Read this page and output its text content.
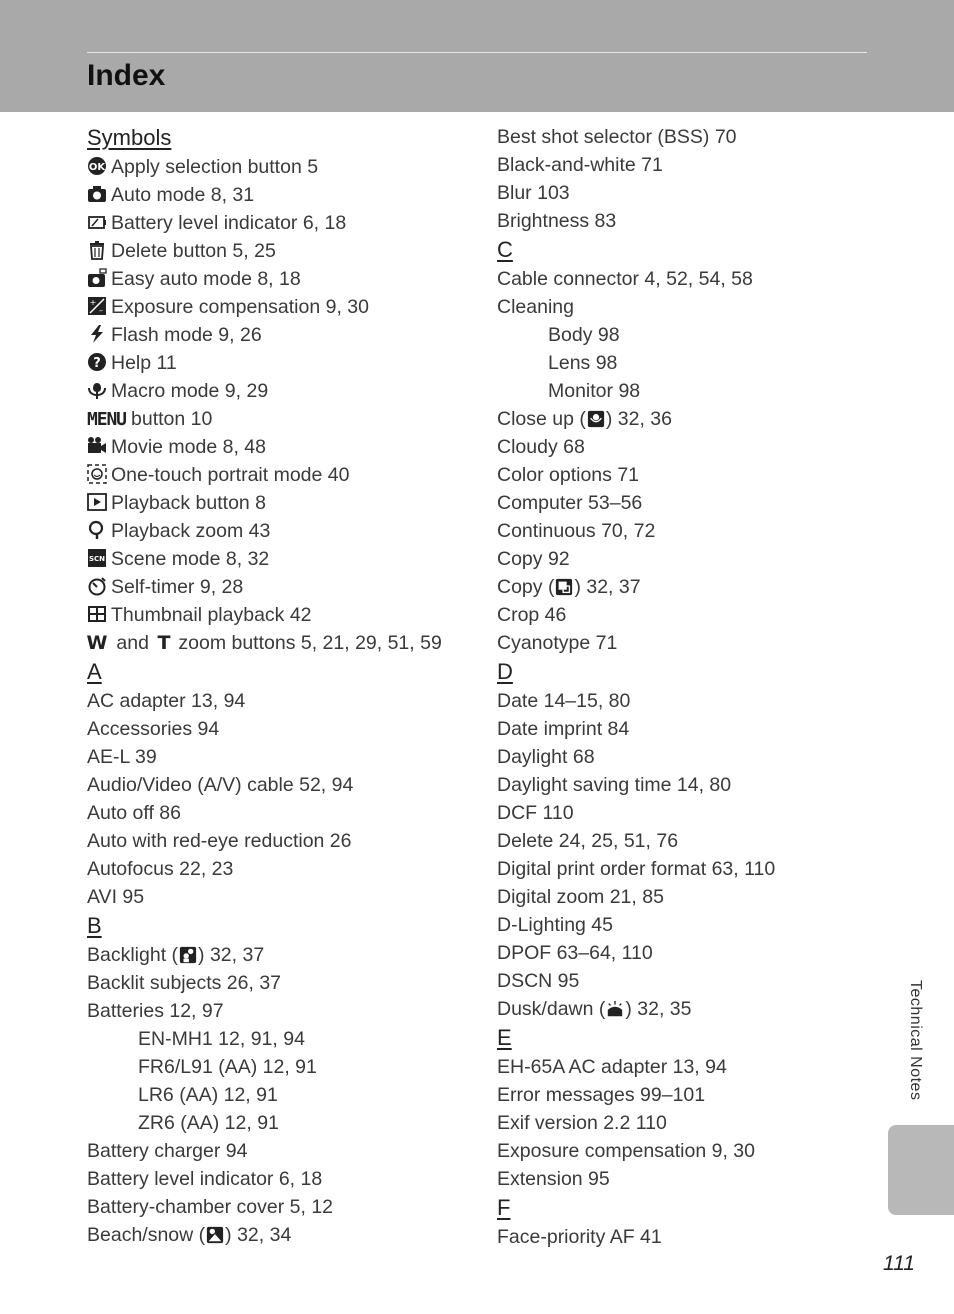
Index
Symbols
OK Apply selection button 5
Auto mode 8, 31
Battery level indicator 6, 18
Delete button 5, 25
Easy auto mode 8, 18
+
– Exposure compensation 9, 30
Flash mode 9, 26
? Help 11
Macro mode 9, 29
MENU button 10
Movie mode 8, 48
One-touch portrait mode 40
Playback button 8
Playback zoom 43
SCN Scene mode 8, 32
Self-timer 9, 28
Thumbnail playback 42
W and T zoom buttons 5, 21, 29, 51, 59
A
AC adapter 13, 94
Accessories 94
AE-L 39
Audio/Video (A/V) cable 52, 94
Auto off 86
Auto with red-eye reduction 26
Autofocus 22, 23
AVI 95
B
Backlight ( ) 32, 37
Backlit subjects 26, 37
Batteries 12, 97
EN-MH1 12, 91, 94
FR6/L91 (AA) 12, 91
LR6 (AA) 12, 91
ZR6 (AA) 12, 91
Battery charger 94
Battery level indicator 6, 18
Battery-chamber cover 5, 12
Beach/snow ( ) 32, 34
Best shot selector (BSS) 70
Black-and-white 71
Blur 103
Brightness 83
C
Cable connector 4, 52, 54, 58
Cleaning
Body 98
Lens 98
Monitor 98
Close up ( ) 32, 36
Cloudy 68
Color options 71
Computer 53–56
Continuous 70, 72
Copy 92
Copy ( ) 32, 37
Crop 46
Cyanotype 71
D
Date 14–15, 80
Date imprint 84
Daylight 68
Daylight saving time 14, 80
DCF 110
Delete 24, 25, 51, 76
Digital print order format 63, 110
Digital zoom 21, 85
D-Lighting 45
DPOF 63–64, 110
DSCN 95
Dusk/dawn ( ) 32, 35
E
EH-65A AC adapter 13, 94
Error messages 99–101
Exif version 2.2 110
Exposure compensation 9, 30
Extension 95
F
Face-priority AF 41
Technical Notes
111
